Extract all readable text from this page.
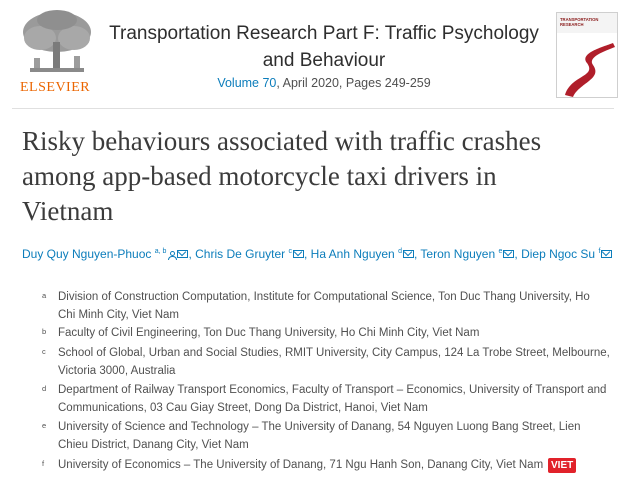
ELSEVIER
Transportation Research Part F: Traffic Psychology
and Behaviour
Volume 70, April 2020, Pages 249-259
TRANSPORTATION RESEARCH
Risky behaviours associated with traffic crashes
among app-based motorcycle taxi drivers in
Vietnam
Duy Quy Nguyen-Phuoc $^{a, b}$ , Chris De Gruyter $^c$ , Ha Anh Nguyen $^d$ , Teron Nguyen $^e$ , Diep Ngoc Su $^f$
a Division of Construction Computation, Institute for Computational Science, Ton Duc Thang University, Ho
Chi Minh City, Viet Nam
b Faculty of Civil Engineering, Ton Duc Thang University, Ho Chi Minh City, Viet Nam
c School of Global, Urban and Social Studies, RMIT University, City Campus, 124 La Trobe Street, Melbourne,
Victoria 3000, Australia
d Department of Railway Transport Economics, Faculty of Transport – Economics, University of Transport and
Communications, 03 Cau Giay Street, Dong Da District, Hanoi, Viet Nam
e University of Science and Technology – The University of Danang, 54 Nguyen Luong Bang Street, Lien
Chieu District, Danang City, Viet Nam
f University of Economics – The University of Danang, 71 Ngu Hanh Son, Danang City, Viet Nam VIET
